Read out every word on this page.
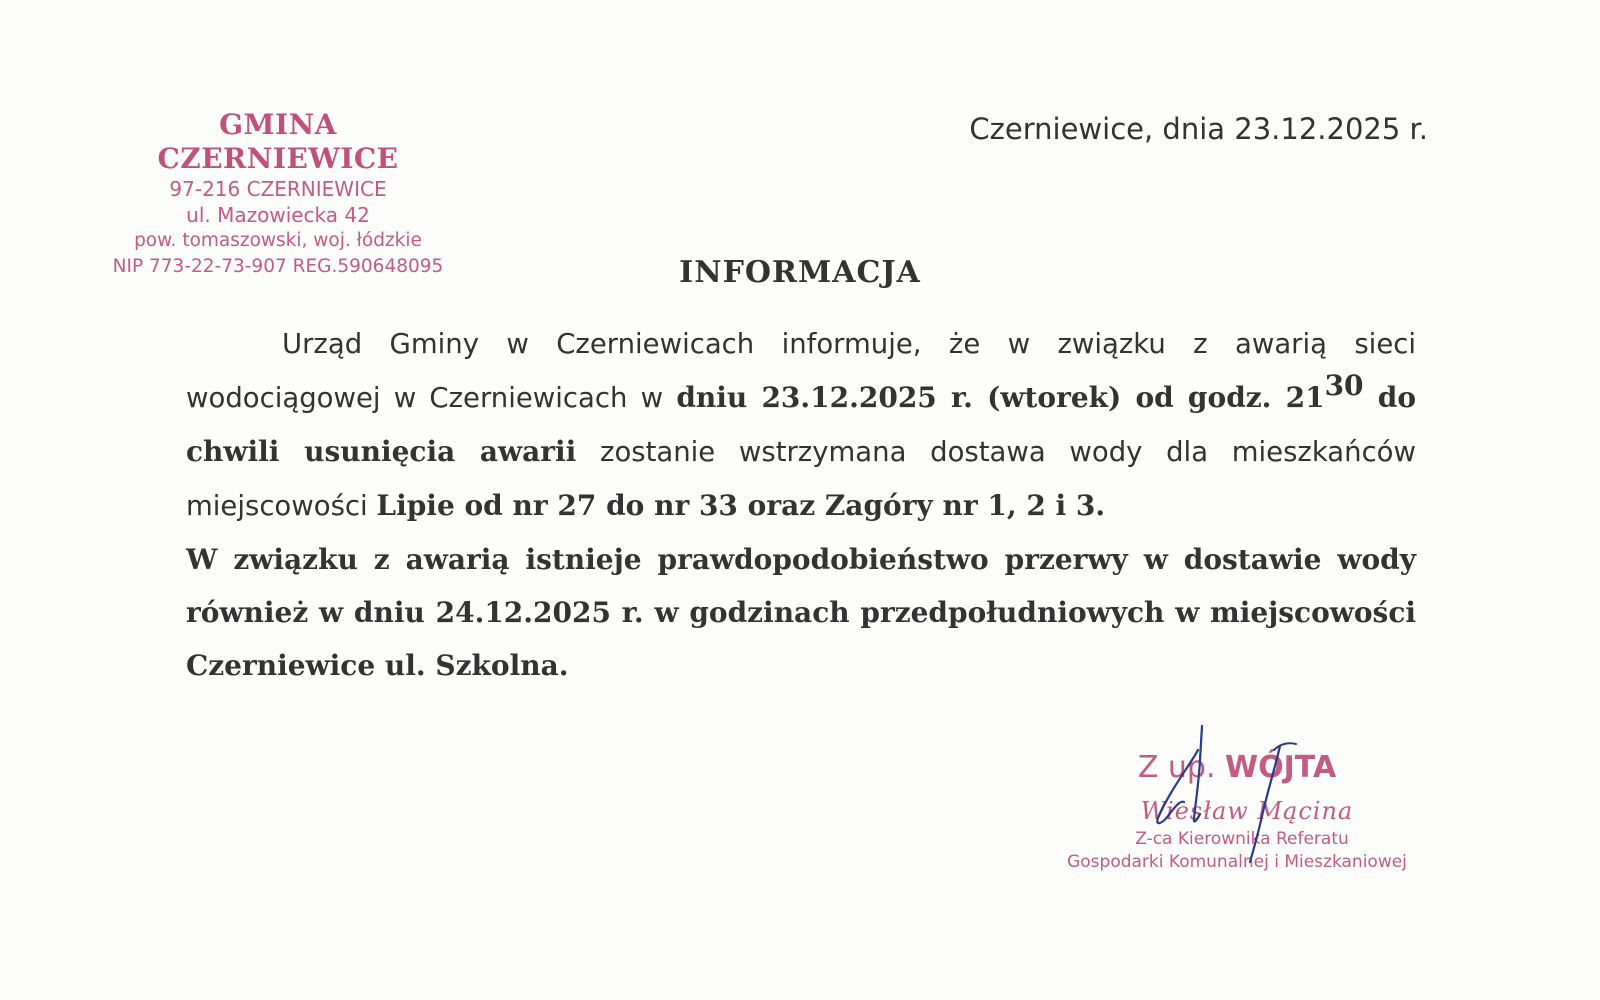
GMINA CZERNIEWICE
97-216 CZERNIEWICE
ul. Mazowiecka 42
pow. tomaszowski, woj. łódzkie
NIP 773-22-73-907 REG.590648095
Czerniewice, dnia 23.12.2025 r.
INFORMACJA

Urząd Gminy w Czerniewicach informuje, że w związku z awarią sieci wodociągowej w Czerniewicach w dniu 23.12.2025 r. (wtorek) od godz. $21^{30}$ do chwili usunięcia awarii zostanie wstrzymana dostawa wody dla mieszkańców miejscowości Lipie od nr 27 do nr 33 oraz Zagóry nr 1, 2 i 3.

W związku z awarią istnieje prawdopodobieństwo przerwy w dostawie wody również w dniu 24.12.2025 r. w godzinach przedpołudniowych w miejscowości Czerniewice ul. Szkolna.

Z up. WÓJTA
Wiesław Mącina
Z-ca Kierownika Referatu
Gospodarki Komunalnej i Mieszkaniowej
